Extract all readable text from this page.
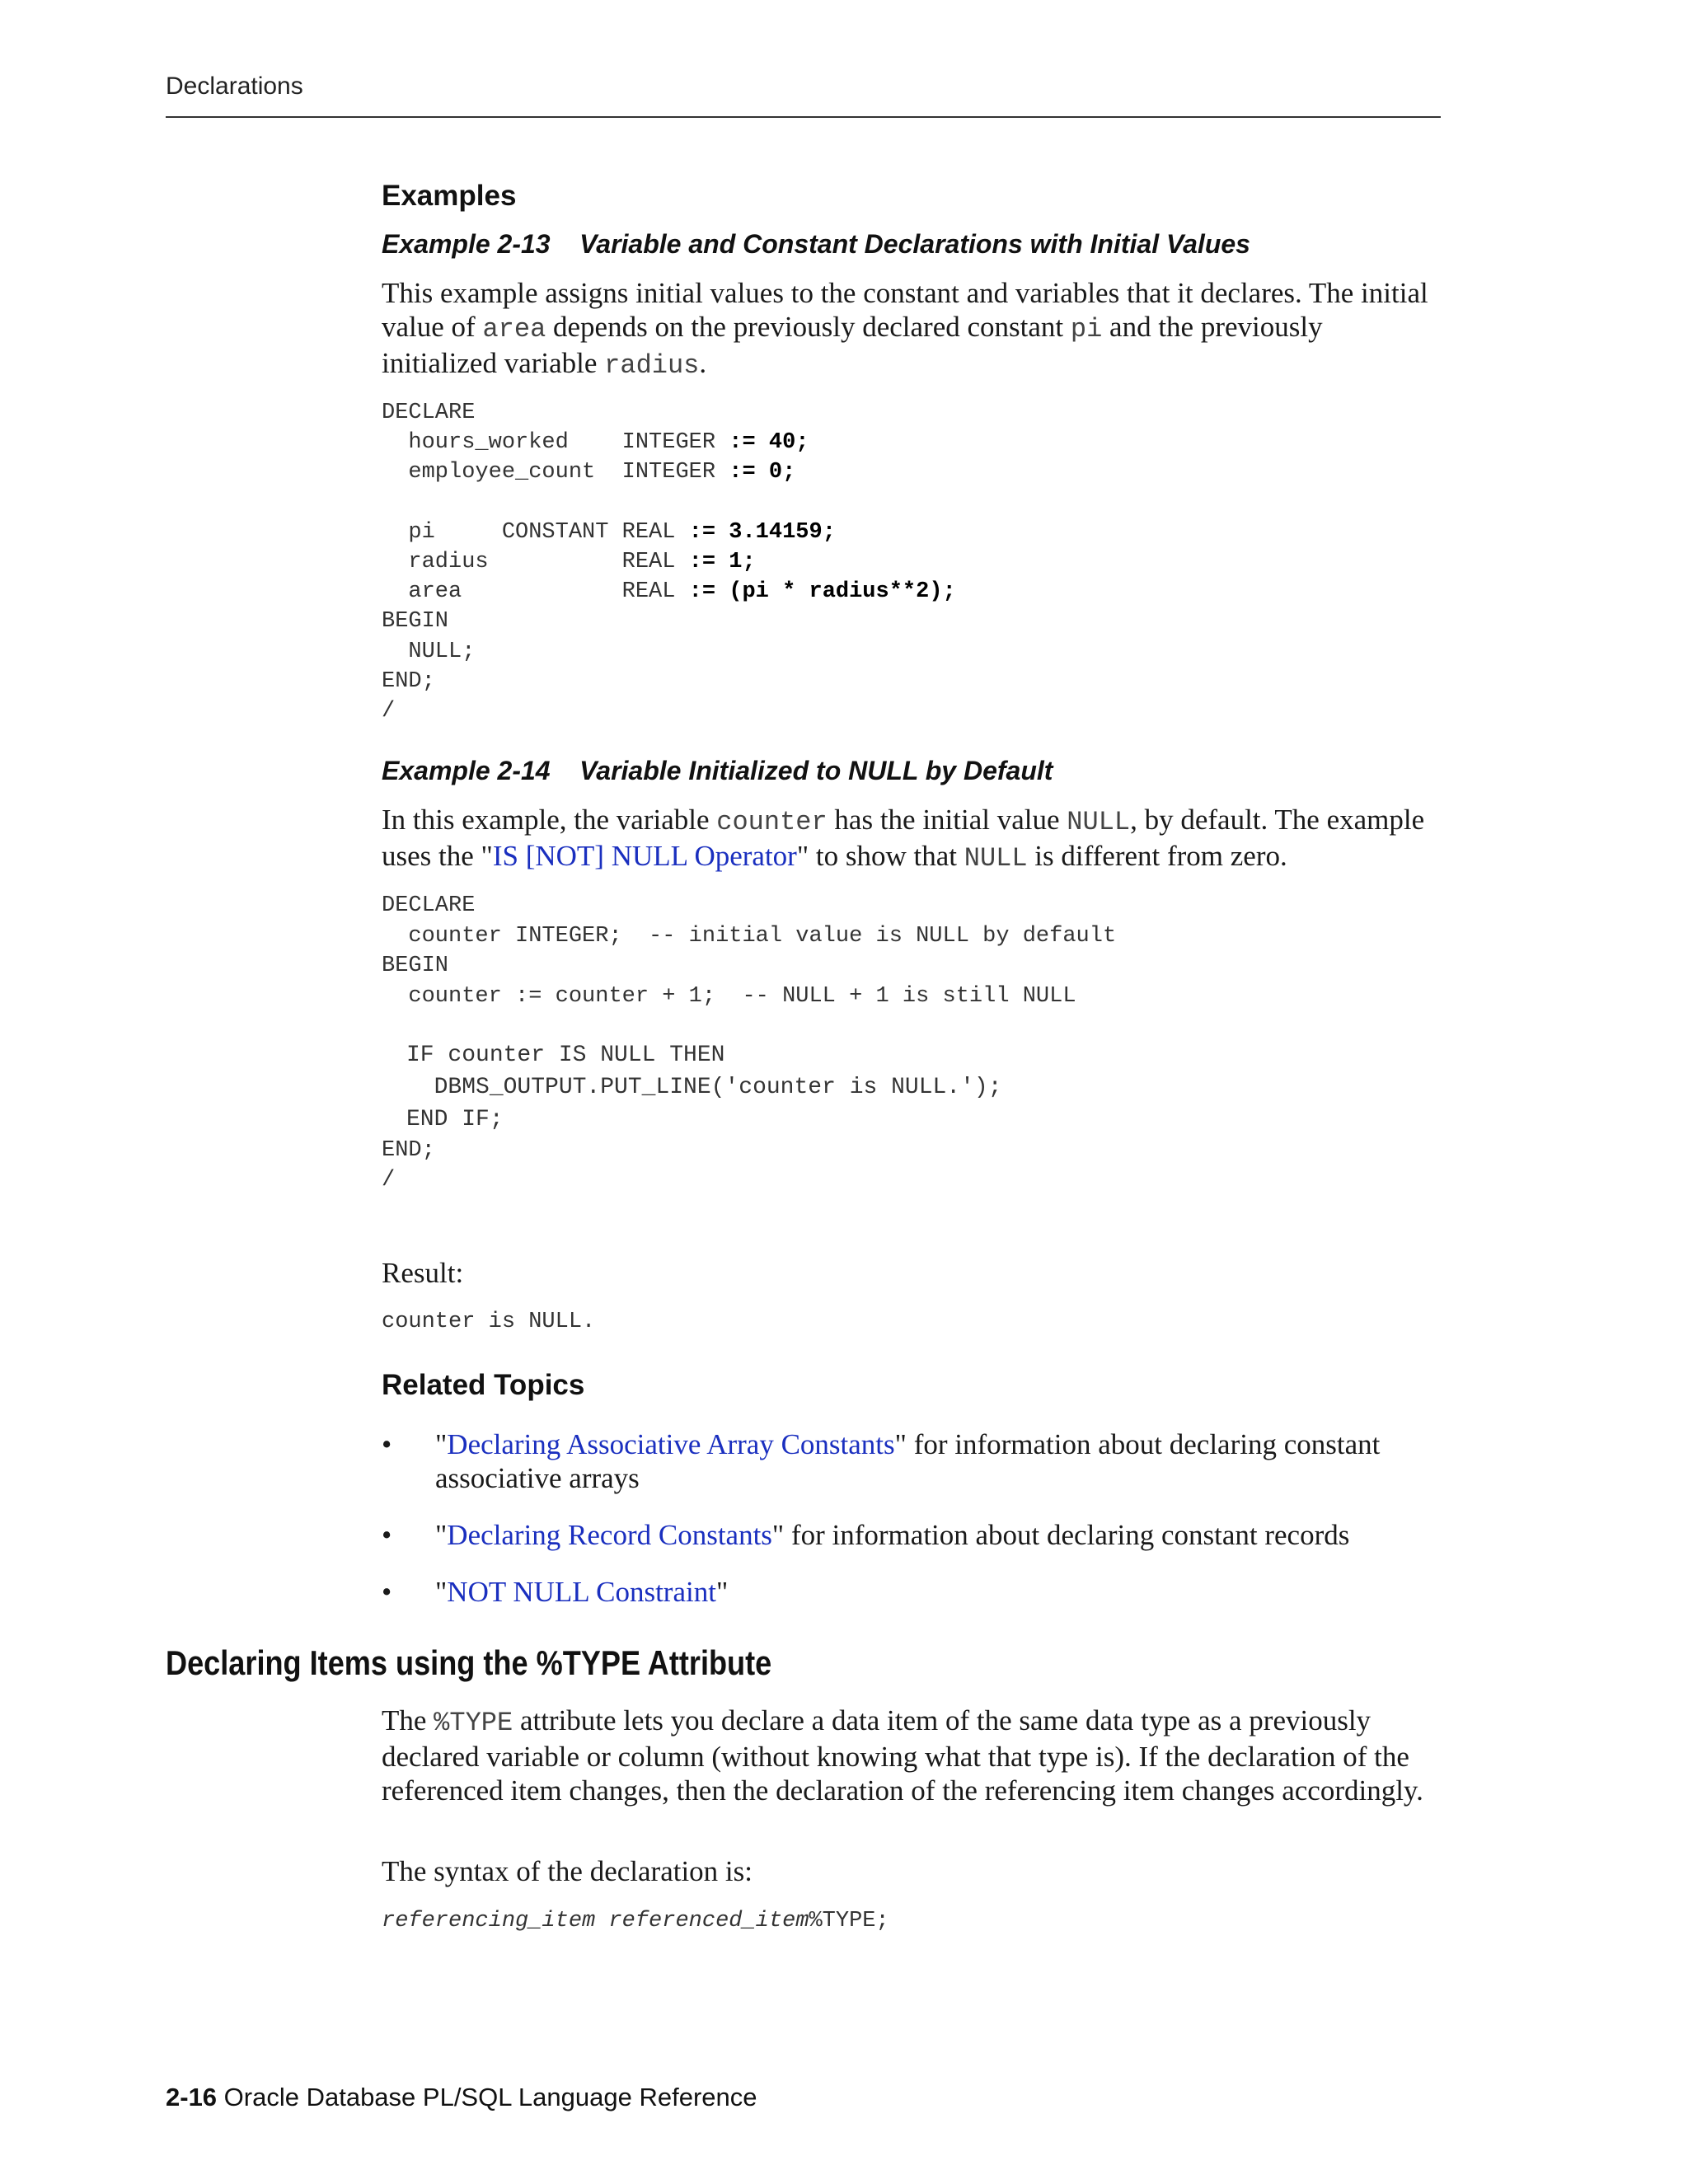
Declarations
Examples
Example 2-13 Variable and Constant Declarations with Initial Values
This example assigns initial values to the constant and variables that it declares. The initial value of area depends on the previously declared constant pi and the previously initialized variable radius.
DECLARE
hours_worked    INTEGER := 40;
employee_count  INTEGER := 0;

pi     CONSTANT REAL := 3.14159;
radius          REAL := 1;
area            REAL := (pi * radius**2);
BEGIN
NULL;
END;
/
Example 2-14 Variable Initialized to NULL by Default
In this example, the variable counter has the initial value NULL, by default. The example uses the "IS [NOT] NULL Operator" to show that NULL is different from zero.
DECLARE
counter INTEGER;  -- initial value is NULL by default
BEGIN
counter := counter + 1;  -- NULL + 1 is still NULL
IF counter IS NULL THEN
DBMS_OUTPUT.PUT_LINE('counter is NULL.');
END IF;
END;
/
Result:
counter is NULL.
Related Topics
• "Declaring Associative Array Constants" for information about declaring constant associative arrays
• "Declaring Record Constants" for information about declaring constant records
• "NOT NULL Constraint"
Declaring Items using the %TYPE Attribute
The %TYPE attribute lets you declare a data item of the same data type as a previously declared variable or column (without knowing what that type is). If the declaration of the referenced item changes, then the declaration of the referencing item changes accordingly.
The syntax of the declaration is:
referencing_item referenced_item%TYPE;
2-16 Oracle Database PL/SQL Language Reference
